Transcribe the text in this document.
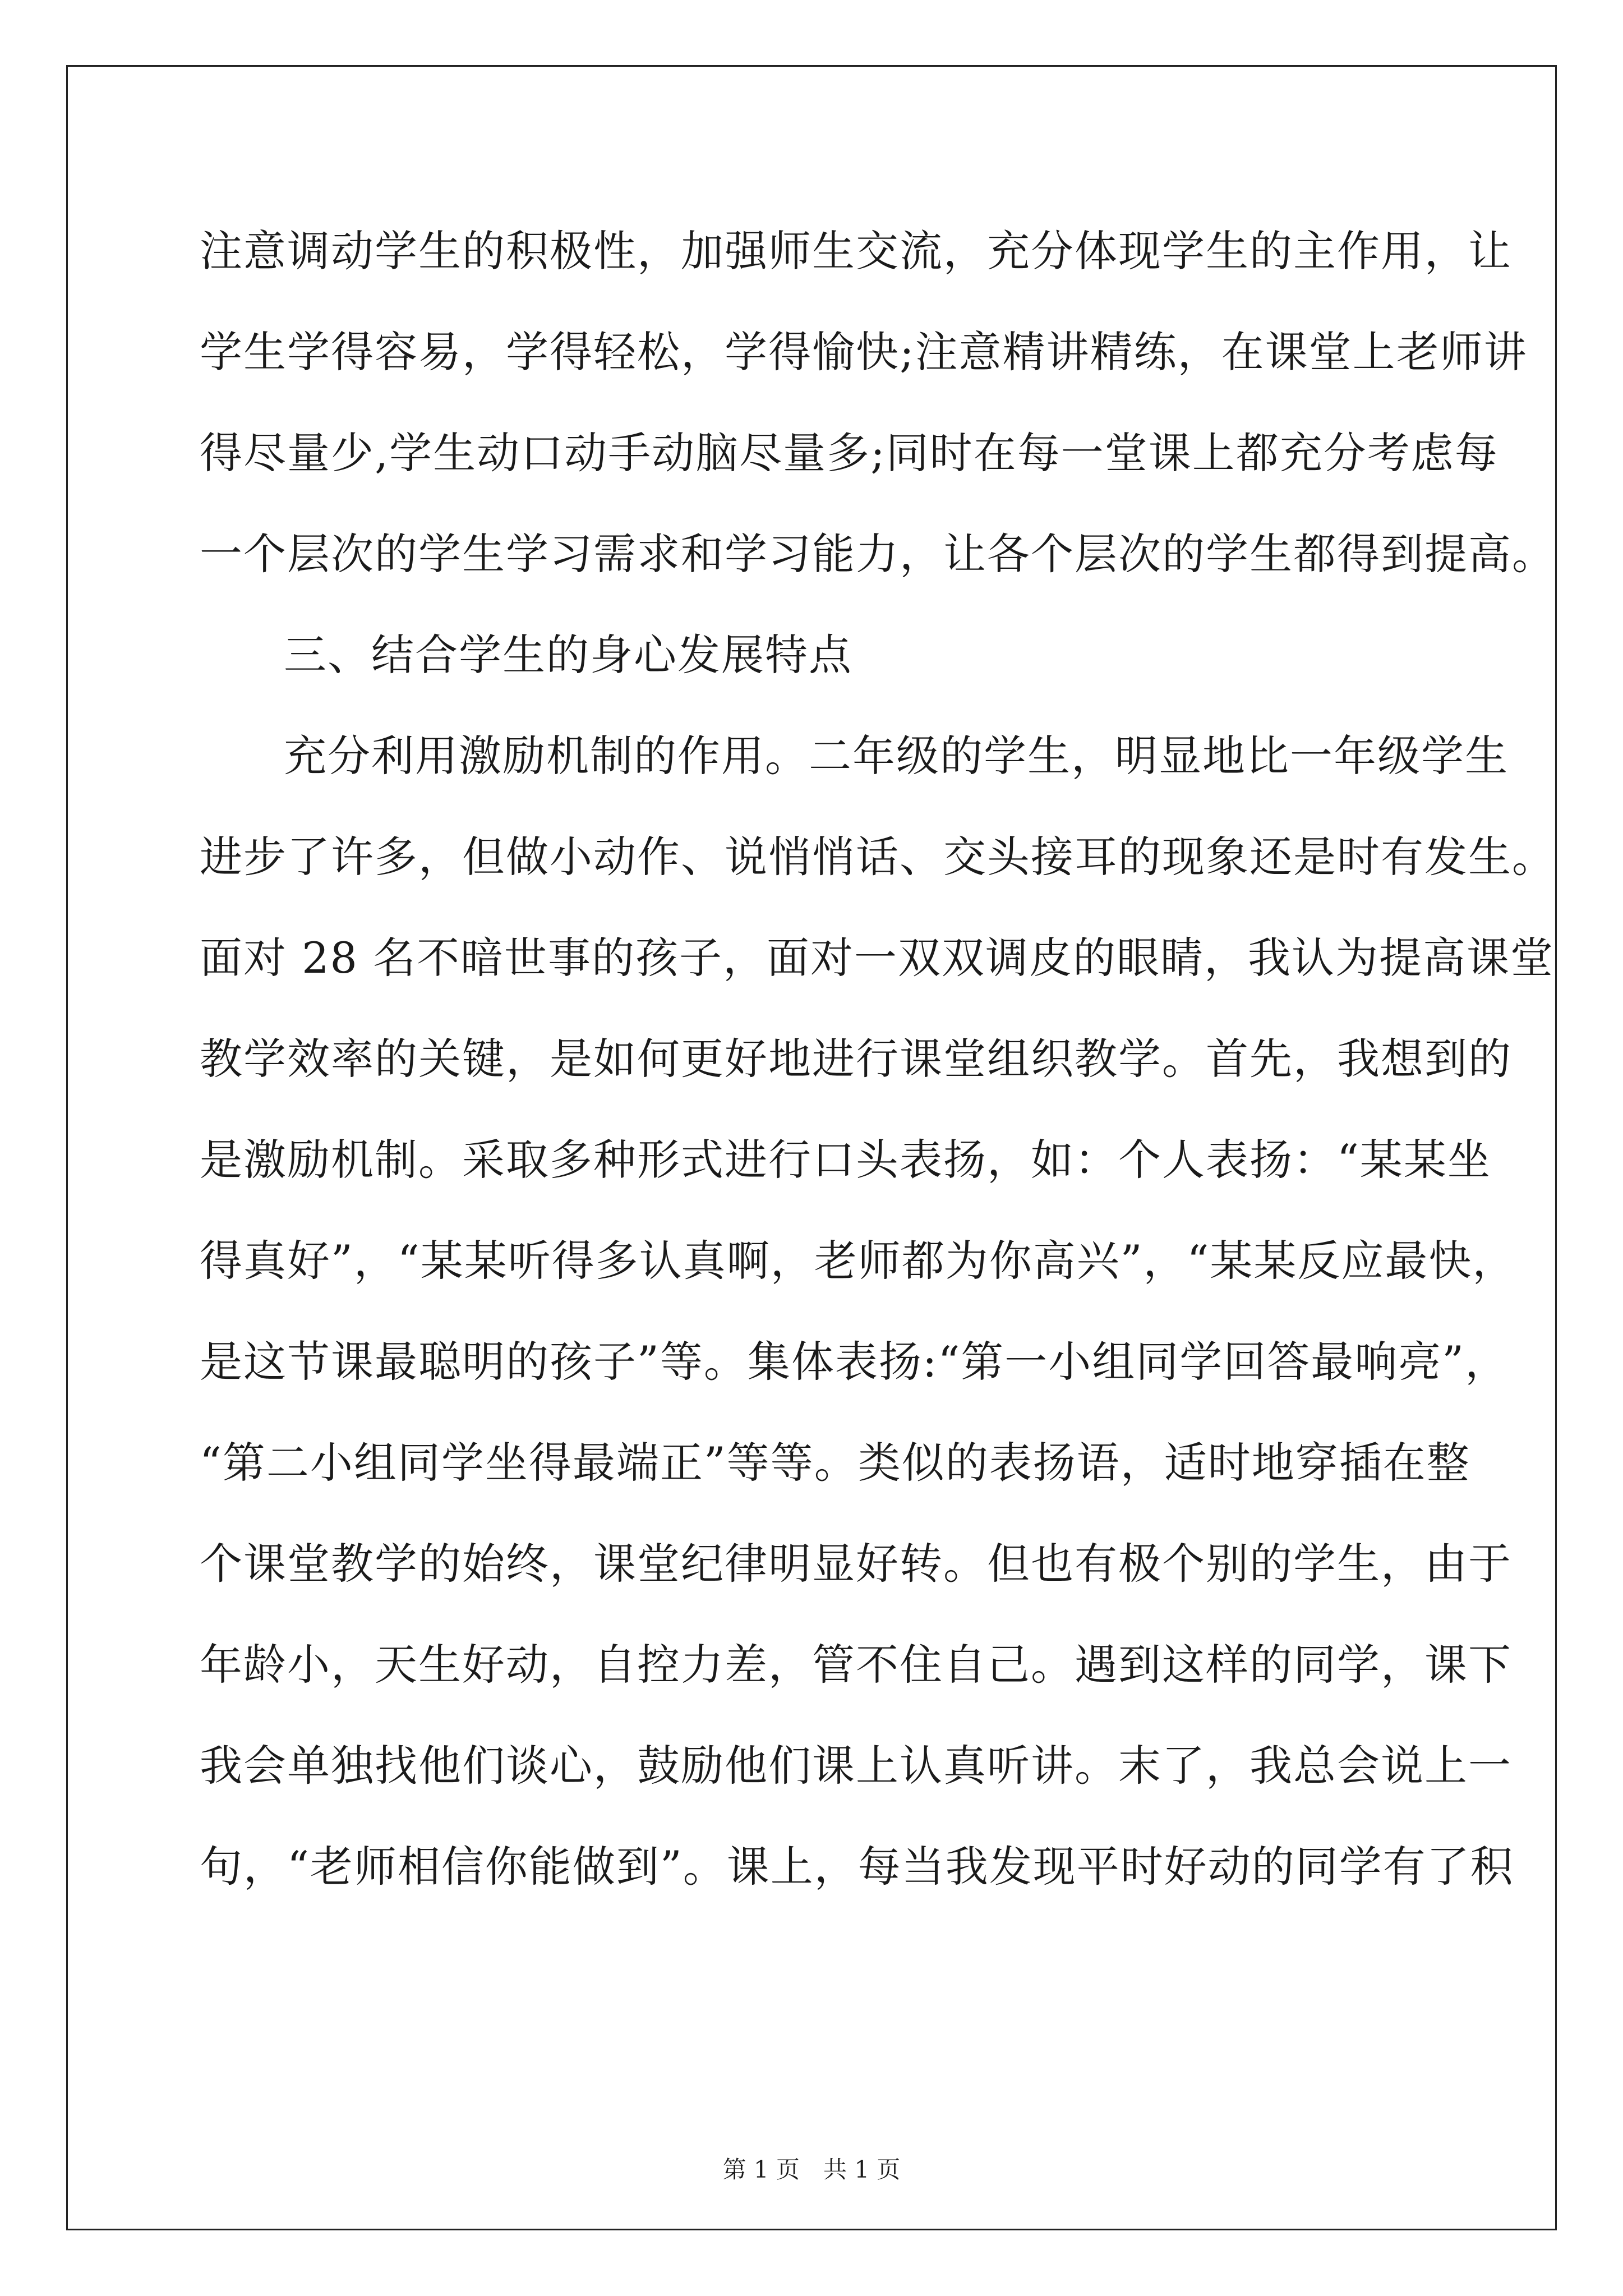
注意调动学生的积极性，加强师生交流，充分体现学生的主作用，让
学生学得容易，学得轻松，学得愉快;注意精讲精练，在课堂上老师讲
得尽量少,学生动口动手动脑尽量多;同时在每一堂课上都充分考虑每
一个层次的学生学习需求和学习能力，让各个层次的学生都得到提高。
三、结合学生的身心发展特点
充分利用激励机制的作用。二年级的学生，明显地比一年级学生
进步了许多，但做小动作、说悄悄话、交头接耳的现象还是时有发生。
面对 28 名不暗世事的孩子，面对一双双调皮的眼睛，我认为提高课堂
教学效率的关键，是如何更好地进行课堂组织教学。首先，我想到的
是激励机制。采取多种形式进行口头表扬，如：个人表扬：“某某坐
得真好”，“某某听得多认真啊，老师都为你高兴”，“某某反应最快，
是这节课最聪明的孩子”等。集体表扬:“第一小组同学回答最响亮”，
“第二小组同学坐得最端正”等等。类似的表扬语，适时地穿插在整
个课堂教学的始终，课堂纪律明显好转。但也有极个别的学生，由于
年龄小，天生好动，自控力差，管不住自己。遇到这样的同学，课下
我会单独找他们谈心，鼓励他们课上认真听讲。末了，我总会说上一
句，“老师相信你能做到”。课上，每当我发现平时好动的同学有了积
第 1 页　共 1 页
